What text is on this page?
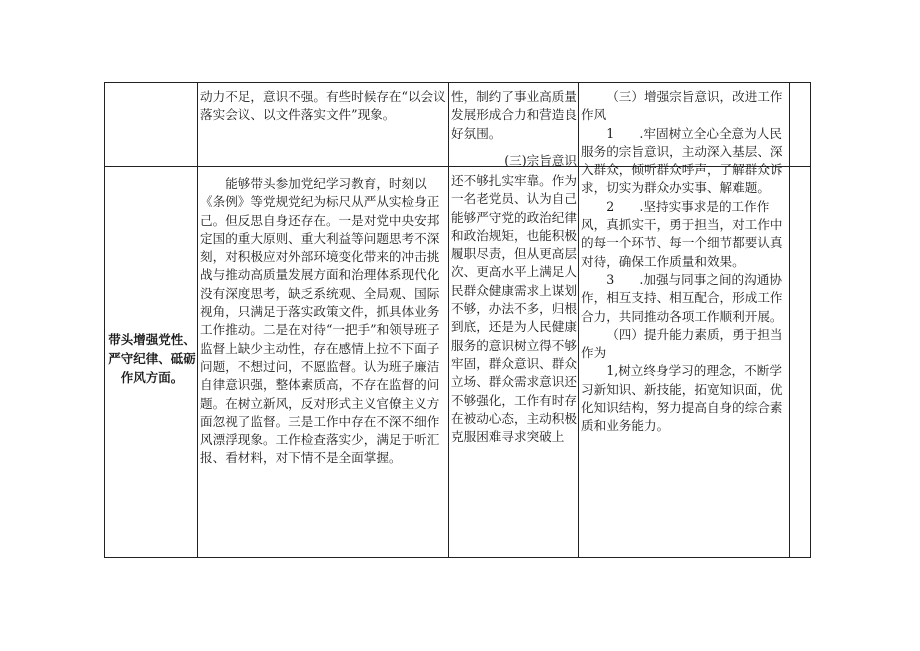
带头增强党性、严守纪律、砥砺作风方面。

动力不足，意识不强。有些时候存在“以会议落实会议、以文件落实文件”现象。

能够带头参加党纪学习教育，时刻以《条例》等党规党纪为标尺从严从实检身正己。但反思自身还存在。一是对党中央安邦定国的重大原则、重大利益等问题思考不深刻，对积极应对外部环境变化带来的冲击挑战与推动高质量发展方面和治理体系现代化没有深度思考，缺乏系统观、全局观、国际视角，只满足于落实政策文件，抓具体业务工作推动。二是在对待“一把手”和领导班子监督上缺少主动性，存在感情上拉不下面子问题，不想过问，不愿监督。认为班子廉洁自律意识强，整体素质高，不存在监督的问题。在树立新风，反对形式主义官僚主义方面忽视了监督。三是工作中存在不深不细作风漂浮现象。工作检查落实少，满足于听汇报、看材料，对下情不是全面掌握。

性，制约了事业高质量发展形成合力和营造良好氛围。

(三)宗旨意识

还不够扎实牢靠。作为一名老党员、认为自己能够严守党的政治纪律和政治规矩，也能积极履职尽责，但从更高层次、更高水平上满足人民群众健康需求上谋划不够，办法不多，归根到底，还是为人民健康服务的意识树立得不够牢固，群众意识、群众立场、群众需求意识还不够强化，工作有时存在被动心态，主动积极克服困难寻求突破上

（三）增强宗旨意识，改进工作作风

1　　.牢固树立全心全意为人民服务的宗旨意识，主动深入基层、深入群众，倾听群众呼声，了解群众诉求，切实为群众办实事、解难题。

2　　.坚持实事求是的工作作风，真抓实干，勇于担当，对工作中的每一个环节、每一个细节都要认真对待，确保工作质量和效果。

3　　.加强与同事之间的沟通协作，相互支持、相互配合，形成工作合力，共同推动各项工作顺利开展。

（四）提升能力素质，勇于担当作为

1,树立终身学习的理念，不断学习新知识、新技能，拓宽知识面，优化知识结构，努力提高自身的综合素质和业务能力。
